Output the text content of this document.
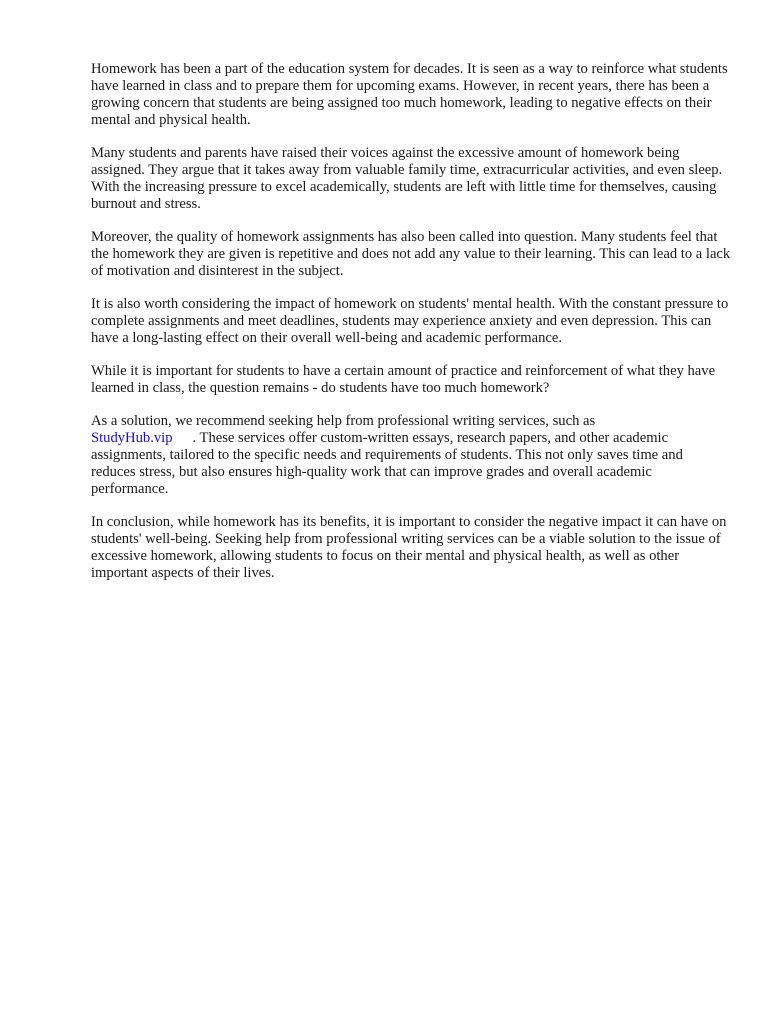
Homework has been a part of the education system for decades. It is seen as a way to reinforce what students have learned in class and to prepare them for upcoming exams. However, in recent years, there has been a growing concern that students are being assigned too much homework, leading to negative effects on their mental and physical health.

Many students and parents have raised their voices against the excessive amount of homework being assigned. They argue that it takes away from valuable family time, extracurricular activities, and even sleep. With the increasing pressure to excel academically, students are left with little time for themselves, causing burnout and stress.

Moreover, the quality of homework assignments has also been called into question. Many students feel that the homework they are given is repetitive and does not add any value to their learning. This can lead to a lack of motivation and disinterest in the subject.

It is also worth considering the impact of homework on students' mental health. With the constant pressure to complete assignments and meet deadlines, students may experience anxiety and even depression. This can have a long-lasting effect on their overall well-being and academic performance.

While it is important for students to have a certain amount of practice and reinforcement of what they have learned in class, the question remains - do students have too much homework?

As a solution, we recommend seeking help from professional writing services, such as
StudyHub.vip . These services offer custom-written essays, research papers, and other academic assignments, tailored to the specific needs and requirements of students. This not only saves time and reduces stress, but also ensures high-quality work that can improve grades and overall academic performance.

In conclusion, while homework has its benefits, it is important to consider the negative impact it can have on students' well-being. Seeking help from professional writing services can be a viable solution to the issue of excessive homework, allowing students to focus on their mental and physical health, as well as other important aspects of their lives.
